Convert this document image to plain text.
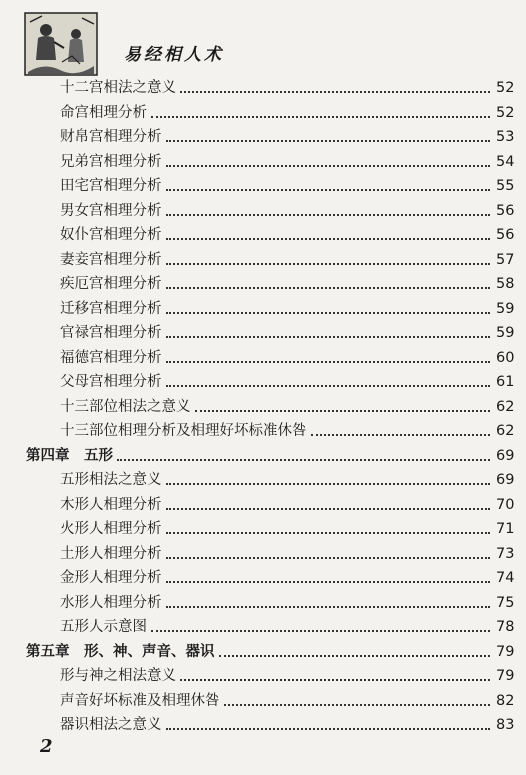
易经相人术
十二宫相法之意义	52
命宫相理分析	52
财帛宫相理分析	53
兄弟宫相理分析	54
田宅宫相理分析	55
男女宫相理分析	56
奴仆宫相理分析	56
妻妾宫相理分析	57
疾厄宫相理分析	58
迁移宫相理分析	59
官禄宫相理分析	59
福德宫相理分析	60
父母宫相理分析	61
十三部位相法之意义	62
十三部位相理分析及相理好坏标准休咎	62
第四章　五形	69
五形相法之意义	69
木形人相理分析	70
火形人相理分析	71
土形人相理分析	73
金形人相理分析	74
水形人相理分析	75
五形人示意图	78
第五章　形、神、声音、器识	79
形与神之相法意义	79
声音好坏标准及相理休咎	82
器识相法之意义	83
2
